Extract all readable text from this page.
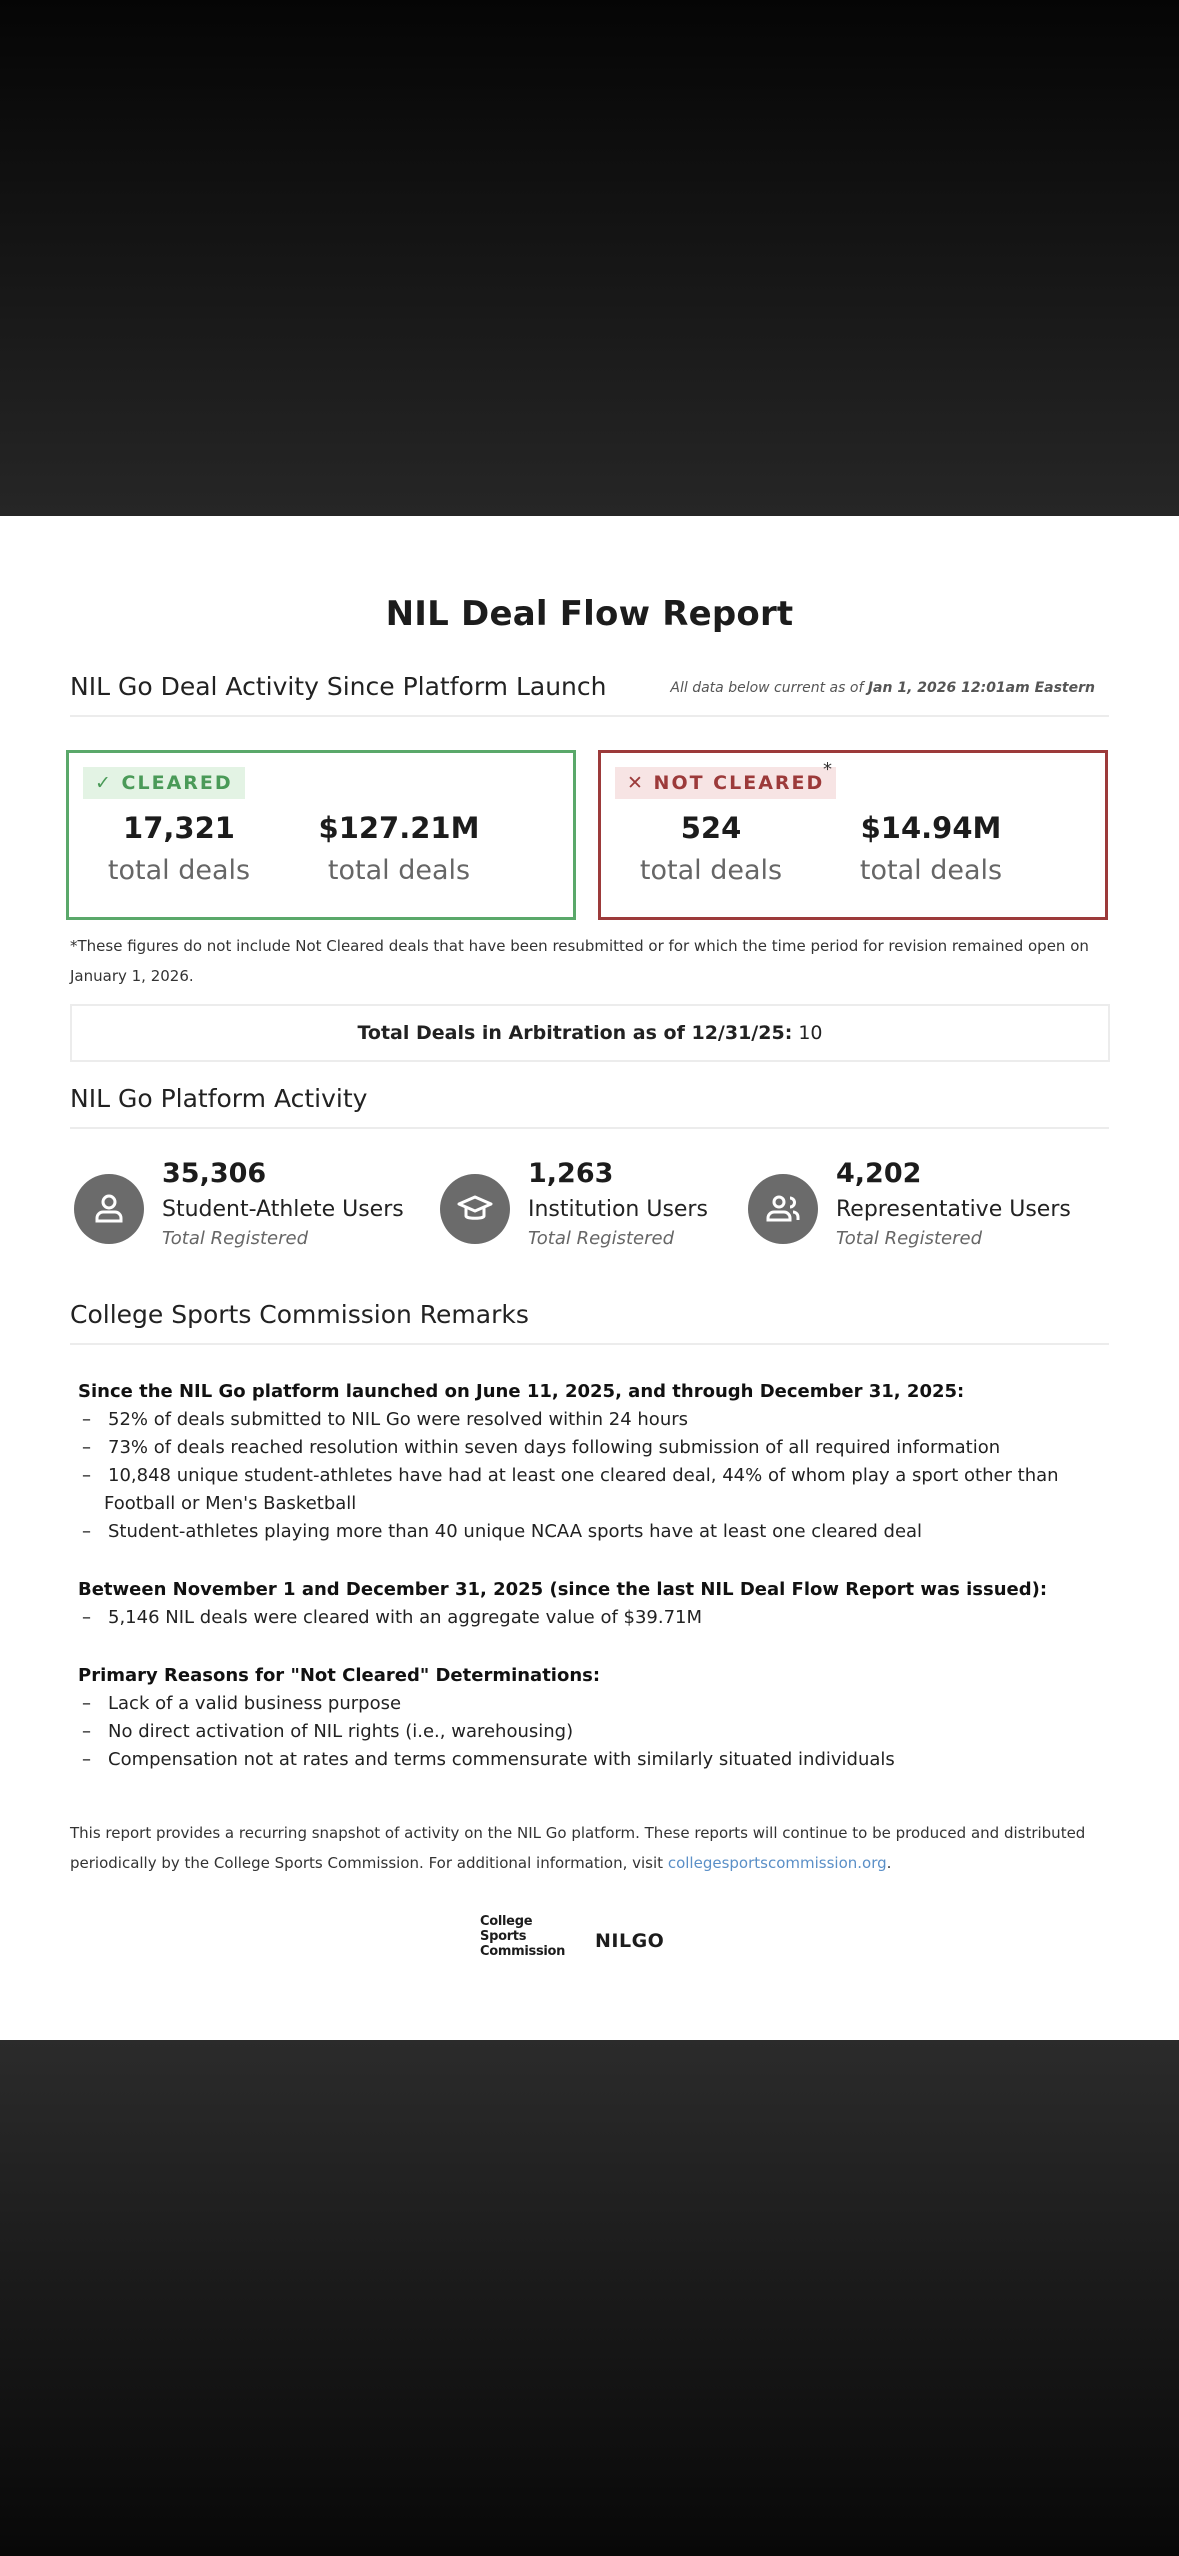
NIL Deal Flow Report
NIL Go Deal Activity Since Platform Launch	All data below current as of Jan 1, 2026 12:01am Eastern
✓ CLEARED
17,321
total deals
$127.21M
total deals
✕ NOT CLEARED
*
524
total deals
$14.94M
total deals
*These figures do not include Not Cleared deals that have been resubmitted or for which the time period for revision remained open on January 1, 2026.
Total Deals in Arbitration as of 12/31/25: 10
NIL Go Platform Activity
35,306
Student-Athlete Users
Total Registered
1,263
Institution Users
Total Registered
4,202
Representative Users
Total Registered
College Sports Commission Remarks
Since the NIL Go platform launched on June 11, 2025, and through December 31, 2025:
– 52% of deals submitted to NIL Go were resolved within 24 hours
– 73% of deals reached resolution within seven days following submission of all required information
– 10,848 unique student-athletes have had at least one cleared deal, 44% of whom play a sport other than Football or Men's Basketball
– Student-athletes playing more than 40 unique NCAA sports have at least one cleared deal
Between November 1 and December 31, 2025 (since the last NIL Deal Flow Report was issued):
– 5,146 NIL deals were cleared with an aggregate value of $39.71M
Primary Reasons for "Not Cleared" Determinations:
– Lack of a valid business purpose
– No direct activation of NIL rights (i.e., warehousing)
– Compensation not at rates and terms commensurate with similarly situated individuals
This report provides a recurring snapshot of activity on the NIL Go platform. These reports will continue to be produced and distributed periodically by the College Sports Commission. For additional information, visit collegesportscommission.org.
College
Sports
Commission NILGO
